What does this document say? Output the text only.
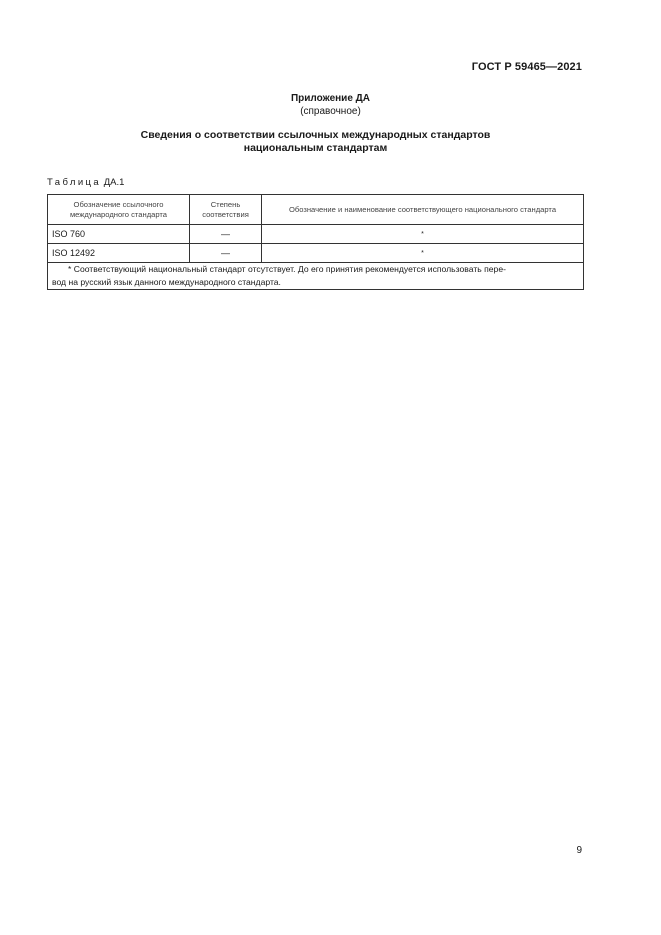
ГОСТ Р 59465—2021
Приложение ДА
(справочное)
Сведения о соответствии ссылочных международных стандартов
национальным стандартам
Таблица ДА.1
Обозначение ссылочного международного стандарта	Степень соответствия	Обозначение и наименование соответствующего национального стандарта
ISO 760	—	*
ISO 12492	—	*

* Соответствующий национальный стандарт отсутствует. До его принятия рекомендуется использовать пере-
вод на русский язык данного международного стандарта.		
9
